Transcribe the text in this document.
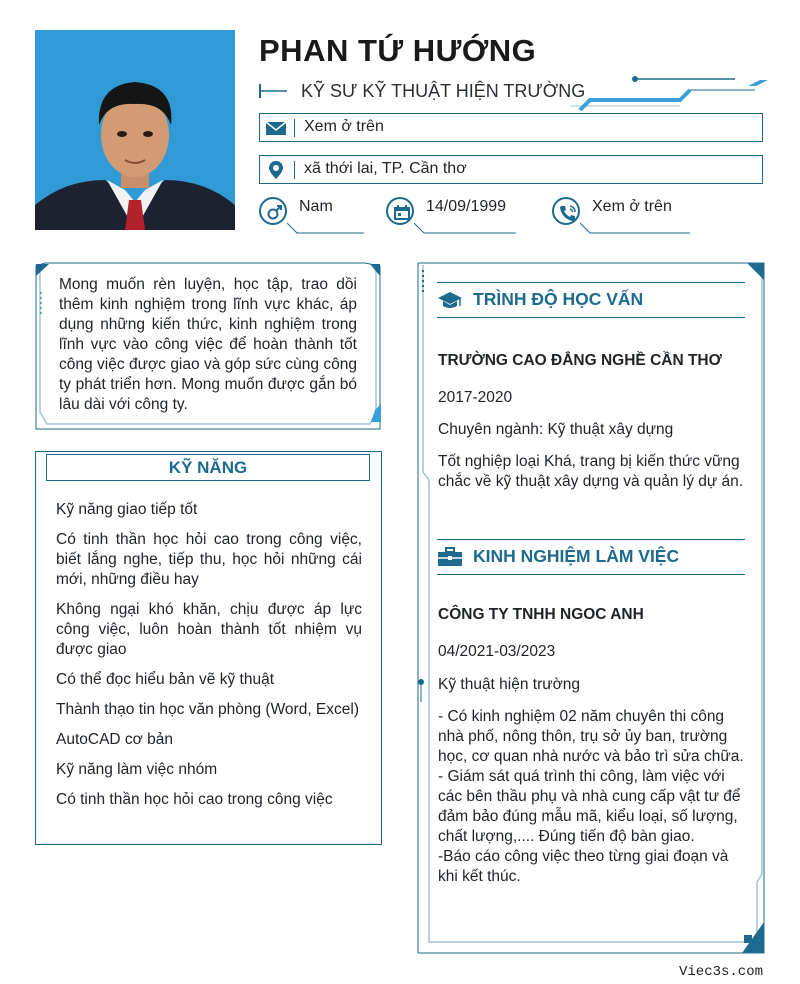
PHAN TỨ HƯỚNG
KỸ SƯ KỸ THUẬT HIỆN TRƯỜNG
Xem ở trên
xã thới lai, TP. Cần thơ
Nam	14/09/1999	Xem ở trên
Mong muốn rèn luyện, học tập, trao dồi thêm kinh nghiệm trong lĩnh vực khác, áp dụng những kiến thức, kinh nghiệm trong lĩnh vực vào công việc để hoàn thành tốt công việc được giao và góp sức cùng công ty phát triển hơn. Mong muốn được gắn bó lâu dài với công ty.
KỸ NĂNG
Kỹ năng giao tiếp tốt
Có tinh thần học hỏi cao trong công việc, biết lắng nghe, tiếp thu, học hỏi những cái mới, những điều hay
Không ngại khó khăn, chịu được áp lực công việc, luôn hoàn thành tốt nhiệm vụ được giao
Có thể đọc hiểu bản vẽ kỹ thuật
Thành thạo tin học văn phòng (Word, Excel)
AutoCAD cơ bản
Kỹ năng làm việc nhóm
Có tinh thần học hỏi cao trong công việc
TRÌNH ĐỘ HỌC VẤN
TRƯỜNG CAO ĐẲNG NGHỀ CẦN THƠ
2017-2020
Chuyên ngành: Kỹ thuật xây dựng
Tốt nghiệp loại Khá, trang bị kiến thức vững chắc về kỹ thuật xây dựng và quản lý dự án.
KINH NGHIỆM LÀM VIỆC
CÔNG TY TNHH NGOC ANH
04/2021-03/2023
Kỹ thuật hiện trường
- Có kinh nghiệm 02 năm chuyên thi công nhà phố, nông thôn, trụ sở ủy ban, trường học, cơ quan nhà nước và bảo trì sửa chữa.
- Giám sát quá trình thi công, làm việc với các bên thầu phụ và nhà cung cấp vật tư để đảm bảo đúng mẫu mã, kiểu loại, số lượng, chất lượng,.... Đúng tiến độ bàn giao.
-Báo cáo công việc theo từng giai đoạn và khi kết thúc.
Viec3s.com
